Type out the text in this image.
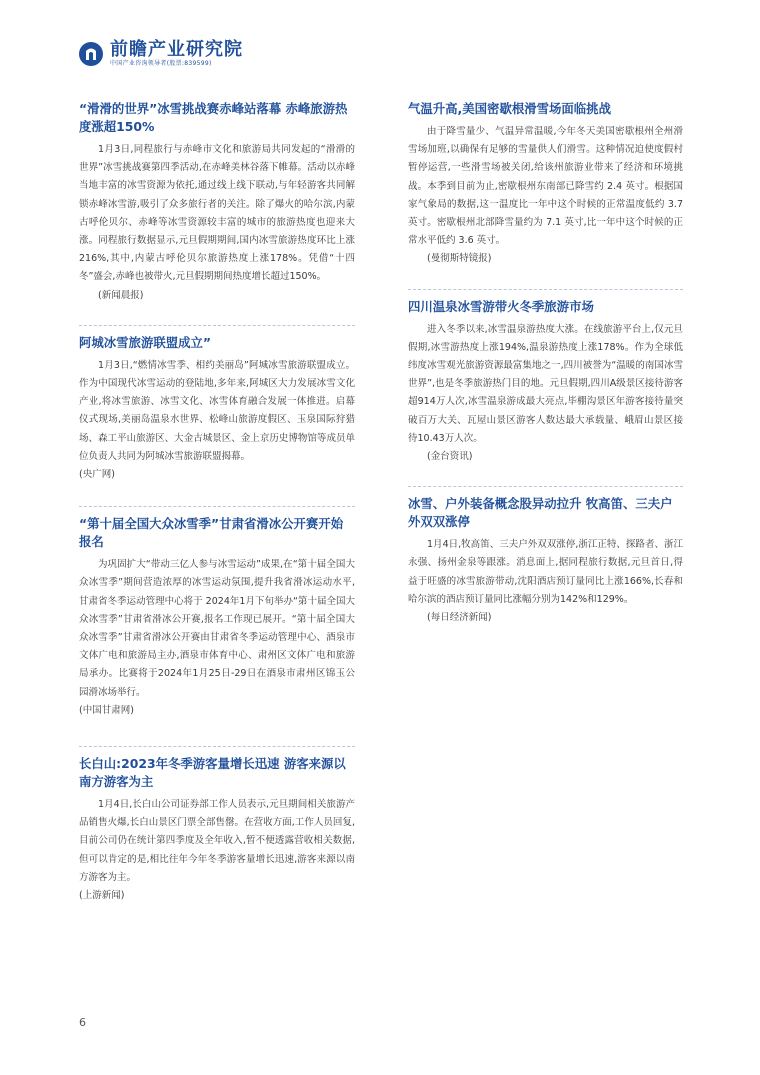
前瞻产业研究院
中国产业咨询领导者(股票:839599)
“滑滑的世界”冰雪挑战赛赤峰站落幕 赤峰旅游热度涨超150%

1月3日,同程旅行与赤峰市文化和旅游局共同发起的“滑滑的世界”冰雪挑战赛第四季活动,在赤峰美林谷落下帷幕。活动以赤峰当地丰富的冰雪资源为依托,通过线上线下联动,与年轻游客共同解锁赤峰冰雪游,吸引了众多旅行者的关注。除了爆火的哈尔滨,内蒙古呼伦贝尔、赤峰等冰雪资源较丰富的城市的旅游热度也迎来大涨。同程旅行数据显示,元旦假期期间,国内冰雪旅游热度环比上涨216%,其中,内蒙古呼伦贝尔旅游热度上涨178%。凭借“十四冬”盛会,赤峰也被带火,元旦假期期间热度增长超过150%。

(新闻晨报)

阿城冰雪旅游联盟成立”

1月3日,“燃情冰雪季、相约美丽岛”阿城冰雪旅游联盟成立。作为中国现代冰雪运动的登陆地,多年来,阿城区大力发展冰雪文化产业,将冰雪旅游、冰雪文化、冰雪体育融合发展一体推进。启幕仪式现场,美丽岛温泉水世界、松峰山旅游度假区、玉泉国际狩猎场、森工平山旅游区、大金古城景区、金上京历史博物馆等成员单位负责人共同为阿城冰雪旅游联盟揭幕。

(央广网)

“第十届全国大众冰雪季”甘肃省滑冰公开赛开始报名

为巩固扩大“带动三亿人参与冰雪运动”成果,在“第十届全国大众冰雪季”期间营造浓厚的冰雪运动氛围,提升我省滑冰运动水平,甘肃省冬季运动管理中心将于 2024年1月下旬举办“第十届全国大众冰雪季”甘肃省滑冰公开赛,报名工作现已展开。“第十届全国大众冰雪季”甘肃省滑冰公开赛由甘肃省冬季运动管理中心、酒泉市文体广电和旅游局主办,酒泉市体育中心、肃州区文体广电和旅游局承办。比赛将于2024年1月25日-29日在酒泉市肃州区锦玉公园滑冰场举行。

(中国甘肃网)

长白山:2023年冬季游客量增长迅速 游客来源以南方游客为主

1月4日,长白山公司证券部工作人员表示,元旦期间相关旅游产品销售火爆,长白山景区门票全部售罄。在营收方面,工作人员回复,目前公司仍在统计第四季度及全年收入,暂不便透露营收相关数据,但可以肯定的是,相比往年今年冬季游客量增长迅速,游客来源以南方游客为主。

(上游新闻)

气温升高,美国密歇根滑雪场面临挑战

由于降雪量少、气温异常温暖,今年冬天美国密歇根州全州滑雪场加班,以确保有足够的雪量供人们滑雪。这种情况迫使度假村暂停运营,一些滑雪场被关闭,给该州旅游业带来了经济和环境挑战。本季到目前为止,密歇根州东南部已降雪约 2.4 英寸。根据国家气象局的数据,这一温度比一年中这个时候的正常温度低约 3.7 英寸。密歇根州北部降雪量约为 7.1 英寸,比一年中这个时候的正常水平低约 3.6 英寸。

(曼彻斯特镜报)

四川温泉冰雪游带火冬季旅游市场

进入冬季以来,冰雪温泉游热度大涨。在线旅游平台上,仅元旦假期,冰雪游热度上涨194%,温泉游热度上涨178%。作为全球低纬度冰雪观光旅游资源最富集地之一,四川被誉为“温暖的南国冰雪世界”,也是冬季旅游热门目的地。元旦假期,四川A级景区接待游客超914万人次,冰雪温泉游成最大亮点,毕棚沟景区年游客接待量突破百万大关、瓦屋山景区游客人数达最大承载量、峨眉山景区接待10.43万人次。

(金台资讯)

冰雪、户外装备概念股异动拉升 牧高笛、三夫户外双双涨停

1月4日,牧高笛、三夫户外双双涨停,浙江正特、探路者、浙江永强、扬州金泉等跟涨。消息面上,据同程旅行数据,元旦首日,得益于旺盛的冰雪旅游带动,沈阳酒店预订量同比上涨166%,长春和哈尔滨的酒店预订量同比涨幅分别为142%和129%。

(每日经济新闻)

6
